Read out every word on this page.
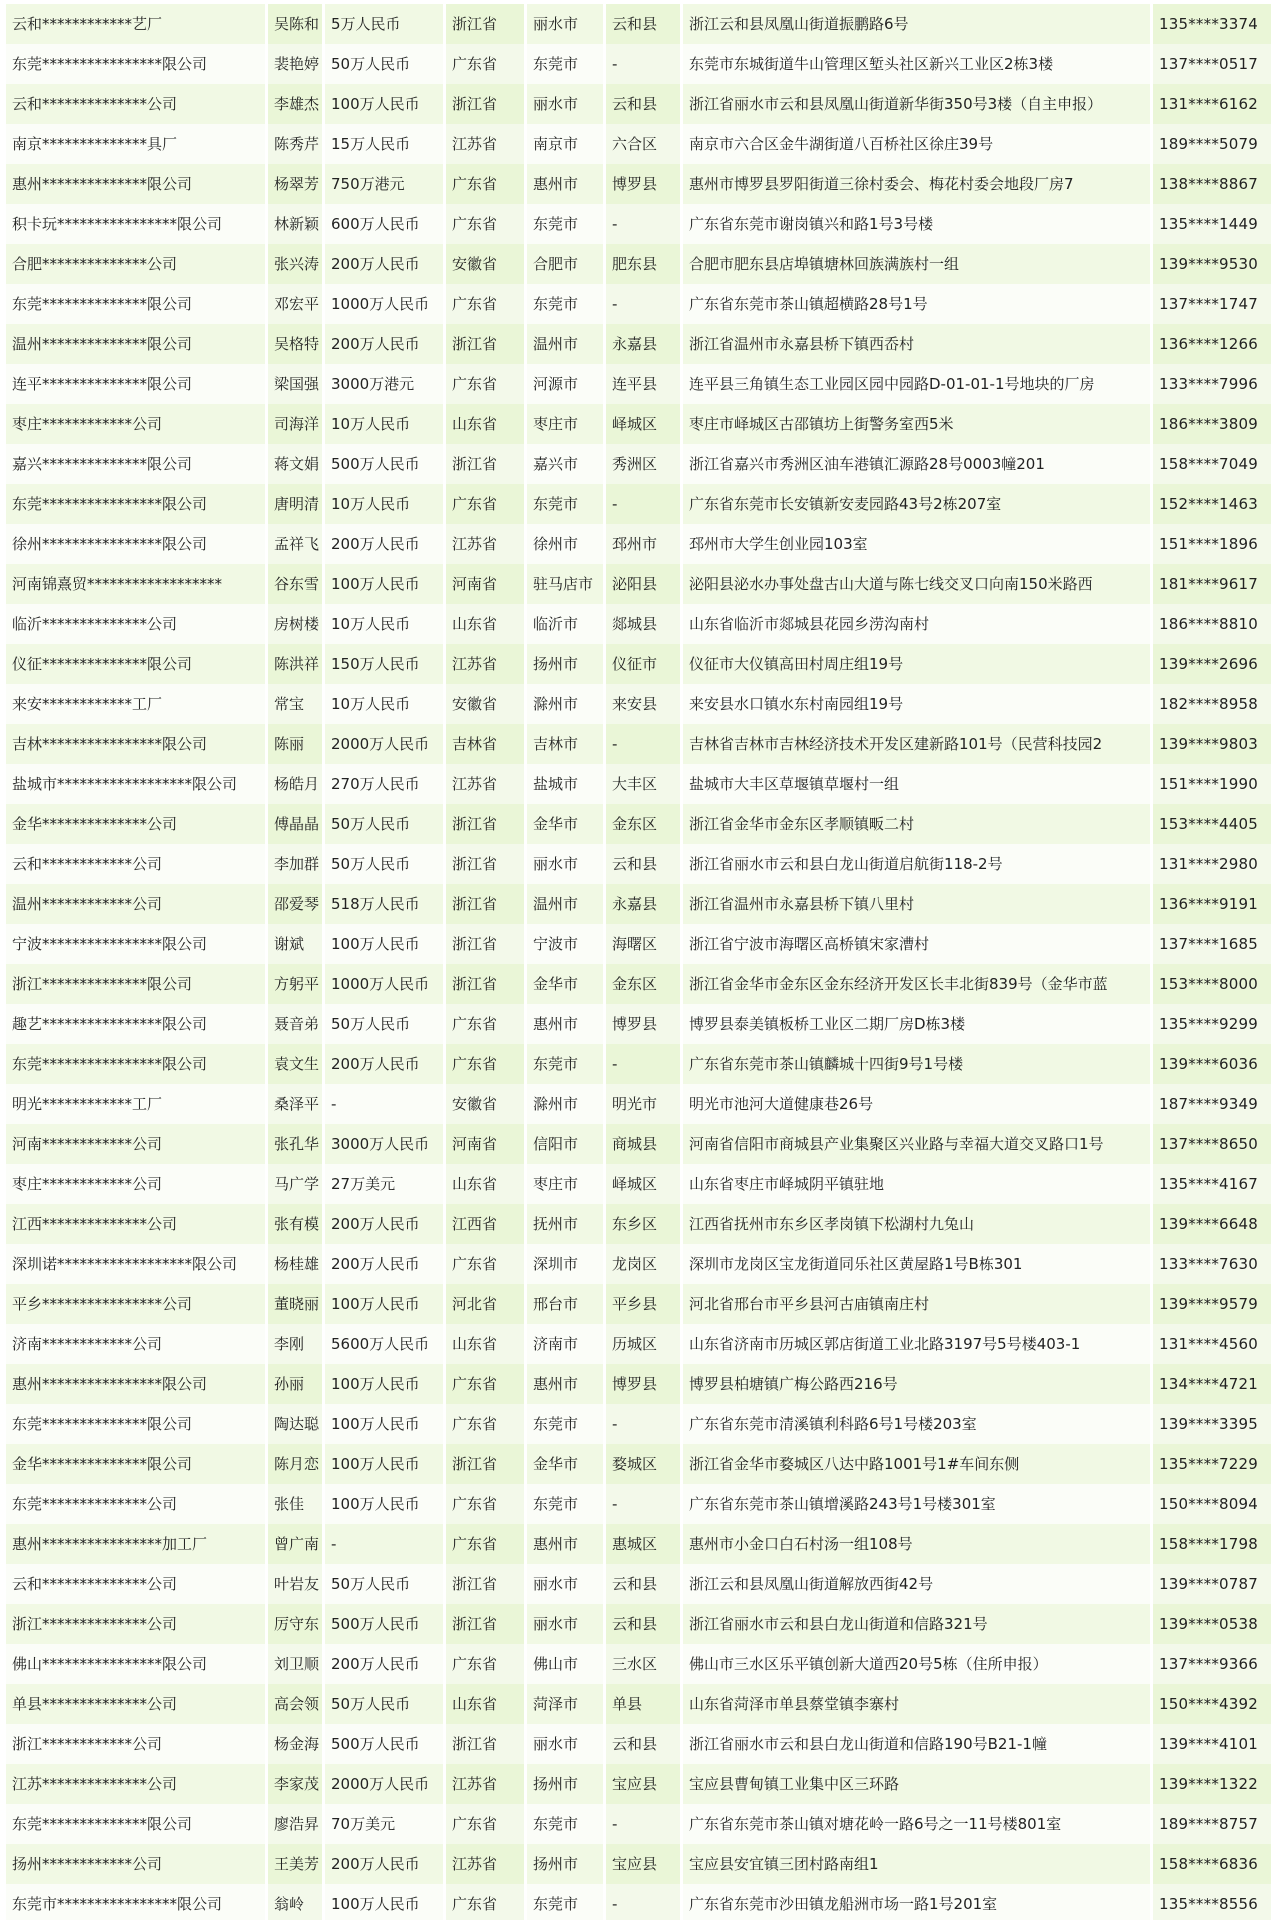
云和************艺厂	吴陈和	5万人民币	浙江省	丽水市	云和县	浙江云和县凤凰山街道振鹏路6号	135****3374
东莞****************限公司	裴艳婷	50万人民币	广东省	东莞市	-	东莞市东城街道牛山管理区堑头社区新兴工业区2栋3楼	137****0517
云和**************公司	李雄杰	100万人民币	浙江省	丽水市	云和县	浙江省丽水市云和县凤凰山街道新华街350号3楼（自主申报）	131****6162
南京**************具厂	陈秀芹	15万人民币	江苏省	南京市	六合区	南京市六合区金牛湖街道八百桥社区徐庄39号	189****5079
惠州**************限公司	杨翠芳	750万港元	广东省	惠州市	博罗县	惠州市博罗县罗阳街道三徐村委会、梅花村委会地段厂房7	138****8867
积卡玩****************限公司	林新颖	600万人民币	广东省	东莞市	-	广东省东莞市谢岗镇兴和路1号3号楼	135****1449
合肥**************公司	张兴涛	200万人民币	安徽省	合肥市	肥东县	合肥市肥东县店埠镇塘林回族满族村一组	139****9530
东莞**************限公司	邓宏平	1000万人民币	广东省	东莞市	-	广东省东莞市茶山镇超横路28号1号	137****1747
温州**************限公司	吴格特	200万人民币	浙江省	温州市	永嘉县	浙江省温州市永嘉县桥下镇西岙村	136****1266
连平**************限公司	梁国强	3000万港元	广东省	河源市	连平县	连平县三角镇生态工业园区园中园路D-01-01-1号地块的厂房	133****7996
枣庄************公司	司海洋	10万人民币	山东省	枣庄市	峄城区	枣庄市峄城区古邵镇坊上街警务室西5米	186****3809
嘉兴**************限公司	蒋文娟	500万人民币	浙江省	嘉兴市	秀洲区	浙江省嘉兴市秀洲区油车港镇汇源路28号0003幢201	158****7049
东莞****************限公司	唐明清	10万人民币	广东省	东莞市	-	广东省东莞市长安镇新安麦园路43号2栋207室	152****1463
徐州****************限公司	孟祥飞	200万人民币	江苏省	徐州市	邳州市	邳州市大学生创业园103室	151****1896
河南锦熹贸******************	谷东雪	100万人民币	河南省	驻马店市	泌阳县	泌阳县泌水办事处盘古山大道与陈七线交叉口向南150米路西	181****9617
临沂**************公司	房树楼	10万人民币	山东省	临沂市	郯城县	山东省临沂市郯城县花园乡涝沟南村	186****8810
仪征**************限公司	陈洪祥	150万人民币	江苏省	扬州市	仪征市	仪征市大仪镇高田村周庄组19号	139****2696
来安************工厂	常宝	10万人民币	安徽省	滁州市	来安县	来安县水口镇水东村南园组19号	182****8958
吉林****************限公司	陈丽	2000万人民币	吉林省	吉林市	-	吉林省吉林市吉林经济技术开发区建新路101号（民营科技园2	139****9803
盐城市******************限公司	杨皓月	270万人民币	江苏省	盐城市	大丰区	盐城市大丰区草堰镇草堰村一组	151****1990
金华**************公司	傅晶晶	50万人民币	浙江省	金华市	金东区	浙江省金华市金东区孝顺镇畈二村	153****4405
云和************公司	李加群	50万人民币	浙江省	丽水市	云和县	浙江省丽水市云和县白龙山街道启航街118-2号	131****2980
温州************公司	邵爱琴	518万人民币	浙江省	温州市	永嘉县	浙江省温州市永嘉县桥下镇八里村	136****9191
宁波****************限公司	谢斌	100万人民币	浙江省	宁波市	海曙区	浙江省宁波市海曙区高桥镇宋家漕村	137****1685
浙江**************限公司	方躬平	1000万人民币	浙江省	金华市	金东区	浙江省金华市金东区金东经济开发区长丰北街839号（金华市蓝	153****8000
趣艺****************限公司	聂音弟	50万人民币	广东省	惠州市	博罗县	博罗县泰美镇板桥工业区二期厂房D栋3楼	135****9299
东莞****************限公司	袁文生	200万人民币	广东省	东莞市	-	广东省东莞市茶山镇麟城十四街9号1号楼	139****6036
明光************工厂	桑泽平	-	安徽省	滁州市	明光市	明光市池河大道健康巷26号	187****9349
河南************公司	张孔华	3000万人民币	河南省	信阳市	商城县	河南省信阳市商城县产业集聚区兴业路与幸福大道交叉路口1号	137****8650
枣庄************公司	马广学	27万美元	山东省	枣庄市	峄城区	山东省枣庄市峄城阴平镇驻地	135****4167
江西**************公司	张有模	200万人民币	江西省	抚州市	东乡区	江西省抚州市东乡区孝岗镇下松湖村九兔山	139****6648
深圳诺******************限公司	杨桂雄	200万人民币	广东省	深圳市	龙岗区	深圳市龙岗区宝龙街道同乐社区黄屋路1号B栋301	133****7630
平乡****************公司	董晓丽	100万人民币	河北省	邢台市	平乡县	河北省邢台市平乡县河古庙镇南庄村	139****9579
济南************公司	李刚	5600万人民币	山东省	济南市	历城区	山东省济南市历城区郭店街道工业北路3197号5号楼403-1	131****4560
惠州****************限公司	孙丽	100万人民币	广东省	惠州市	博罗县	博罗县柏塘镇广梅公路西216号	134****4721
东莞**************限公司	陶达聪	100万人民币	广东省	东莞市	-	广东省东莞市清溪镇利科路6号1号楼203室	139****3395
金华**************限公司	陈月恋	100万人民币	浙江省	金华市	婺城区	浙江省金华市婺城区八达中路1001号1#车间东侧	135****7229
东莞**************公司	张佳	100万人民币	广东省	东莞市	-	广东省东莞市茶山镇增溪路243号1号楼301室	150****8094
惠州****************加工厂	曾广南	-	广东省	惠州市	惠城区	惠州市小金口白石村汤一组108号	158****1798
云和**************公司	叶岩友	50万人民币	浙江省	丽水市	云和县	浙江云和县凤凰山街道解放西街42号	139****0787
浙江**************公司	厉守东	500万人民币	浙江省	丽水市	云和县	浙江省丽水市云和县白龙山街道和信路321号	139****0538
佛山****************限公司	刘卫顺	200万人民币	广东省	佛山市	三水区	佛山市三水区乐平镇创新大道西20号5栋（住所申报）	137****9366
单县**************公司	高会领	50万人民币	山东省	菏泽市	单县	山东省菏泽市单县蔡堂镇李寨村	150****4392
浙江************公司	杨金海	500万人民币	浙江省	丽水市	云和县	浙江省丽水市云和县白龙山街道和信路190号B21-1幢	139****4101
江苏**************公司	李家茂	2000万人民币	江苏省	扬州市	宝应县	宝应县曹甸镇工业集中区三环路	139****1322
东莞**************限公司	廖浩昇	70万美元	广东省	东莞市	-	广东省东莞市茶山镇对塘花岭一路6号之一11号楼801室	189****8757
扬州************公司	王美芳	200万人民币	江苏省	扬州市	宝应县	宝应县安宜镇三团村路南组1	158****6836
东莞市****************限公司	翁岭	100万人民币	广东省	东莞市	-	广东省东莞市沙田镇龙船洲市场一路1号201室	135****8556
